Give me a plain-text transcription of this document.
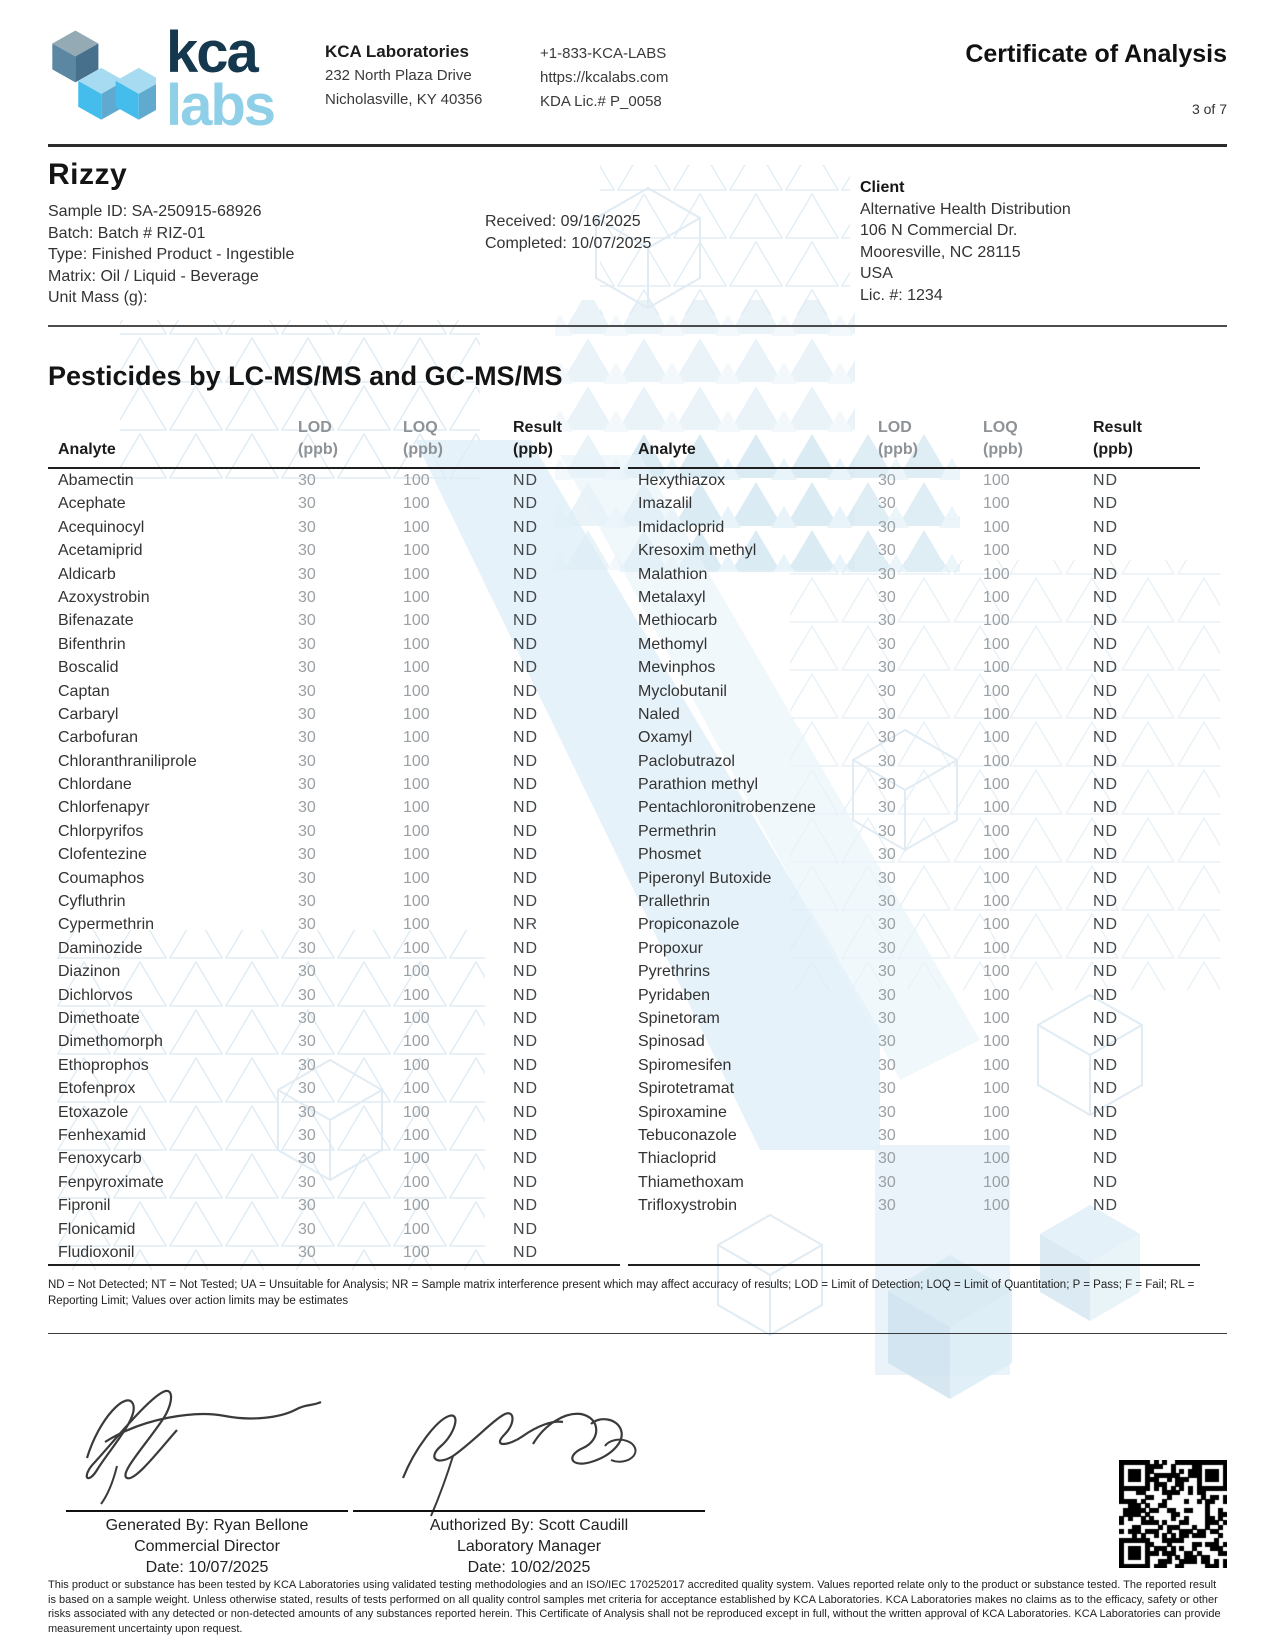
kca
labs
KCA Laboratories
232 North Plaza Drive
Nicholasville, KY 40356
+1-833-KCA-LABS
https://kcalabs.com
KDA Lic.# P_0058
Certificate of Analysis
3 of 7
Rizzy
Sample ID: SA-250915-68926
Batch: Batch # RIZ-01
Type: Finished Product - Ingestible
Matrix: Oil / Liquid - Beverage
Unit Mass (g):
Received: 09/16/2025
Completed: 10/07/2025
Client
Alternative Health Distribution
106 N Commercial Dr.
Mooresville, NC 28115
USA
Lic. #: 1234
Pesticides by LC-MS/MS and GC-MS/MS
Analyte
LOD
(ppb)
LOQ
(ppb)
Result
(ppb)
Abamectin	30	100	ND
Acephate	30	100	ND
Acequinocyl	30	100	ND
Acetamiprid	30	100	ND
Aldicarb	30	100	ND
Azoxystrobin	30	100	ND
Bifenazate	30	100	ND
Bifenthrin	30	100	ND
Boscalid	30	100	ND
Captan	30	100	ND
Carbaryl	30	100	ND
Carbofuran	30	100	ND
Chloranthraniliprole	30	100	ND
Chlordane	30	100	ND
Chlorfenapyr	30	100	ND
Chlorpyrifos	30	100	ND
Clofentezine	30	100	ND
Coumaphos	30	100	ND
Cyfluthrin	30	100	ND
Cypermethrin	30	100	NR
Daminozide	30	100	ND
Diazinon	30	100	ND
Dichlorvos	30	100	ND
Dimethoate	30	100	ND
Dimethomorph	30	100	ND
Ethoprophos	30	100	ND
Etofenprox	30	100	ND
Etoxazole	30	100	ND
Fenhexamid	30	100	ND
Fenoxycarb	30	100	ND
Fenpyroximate	30	100	ND
Fipronil	30	100	ND
Flonicamid	30	100	ND
Fludioxonil	30	100	ND
Analyte
LOD
(ppb)
LOQ
(ppb)
Result
(ppb)
Hexythiazox	30	100	ND
Imazalil	30	100	ND
Imidacloprid	30	100	ND
Kresoxim methyl	30	100	ND
Malathion	30	100	ND
Metalaxyl	30	100	ND
Methiocarb	30	100	ND
Methomyl	30	100	ND
Mevinphos	30	100	ND
Myclobutanil	30	100	ND
Naled	30	100	ND
Oxamyl	30	100	ND
Paclobutrazol	30	100	ND
Parathion methyl	30	100	ND
Pentachloronitrobenzene	30	100	ND
Permethrin	30	100	ND
Phosmet	30	100	ND
Piperonyl Butoxide	30	100	ND
Prallethrin	30	100	ND
Propiconazole	30	100	ND
Propoxur	30	100	ND
Pyrethrins	30	100	ND
Pyridaben	30	100	ND
Spinetoram	30	100	ND
Spinosad	30	100	ND
Spiromesifen	30	100	ND
Spirotetramat	30	100	ND
Spiroxamine	30	100	ND
Tebuconazole	30	100	ND
Thiacloprid	30	100	ND
Thiamethoxam	30	100	ND
Trifloxystrobin	30	100	ND
ND = Not Detected; NT = Not Tested; UA = Unsuitable for Analysis; NR = Sample matrix interference present which may affect accuracy of results; LOD = Limit of Detection; LOQ = Limit of Quantitation; P = Pass; F = Fail; RL = Reporting Limit; Values over action limits may be estimates
Generated By: Ryan Bellone
Commercial Director
Date: 10/07/2025
Authorized By: Scott Caudill
Laboratory Manager
Date: 10/02/2025
This product or substance has been tested by KCA Laboratories using validated testing methodologies and an ISO/IEC 170252017 accredited quality system. Values reported relate only to the product or substance tested. The reported result is based on a sample weight. Unless otherwise stated, results of tests performed on all quality control samples met criteria for acceptance established by KCA Laboratories. KCA Laboratories makes no claims as to the efficacy, safety or other risks associated with any detected or non-detected amounts of any substances reported herein. This Certificate of Analysis shall not be reproduced except in full, without the written approval of KCA Laboratories. KCA Laboratories can provide measurement uncertainty upon request.
